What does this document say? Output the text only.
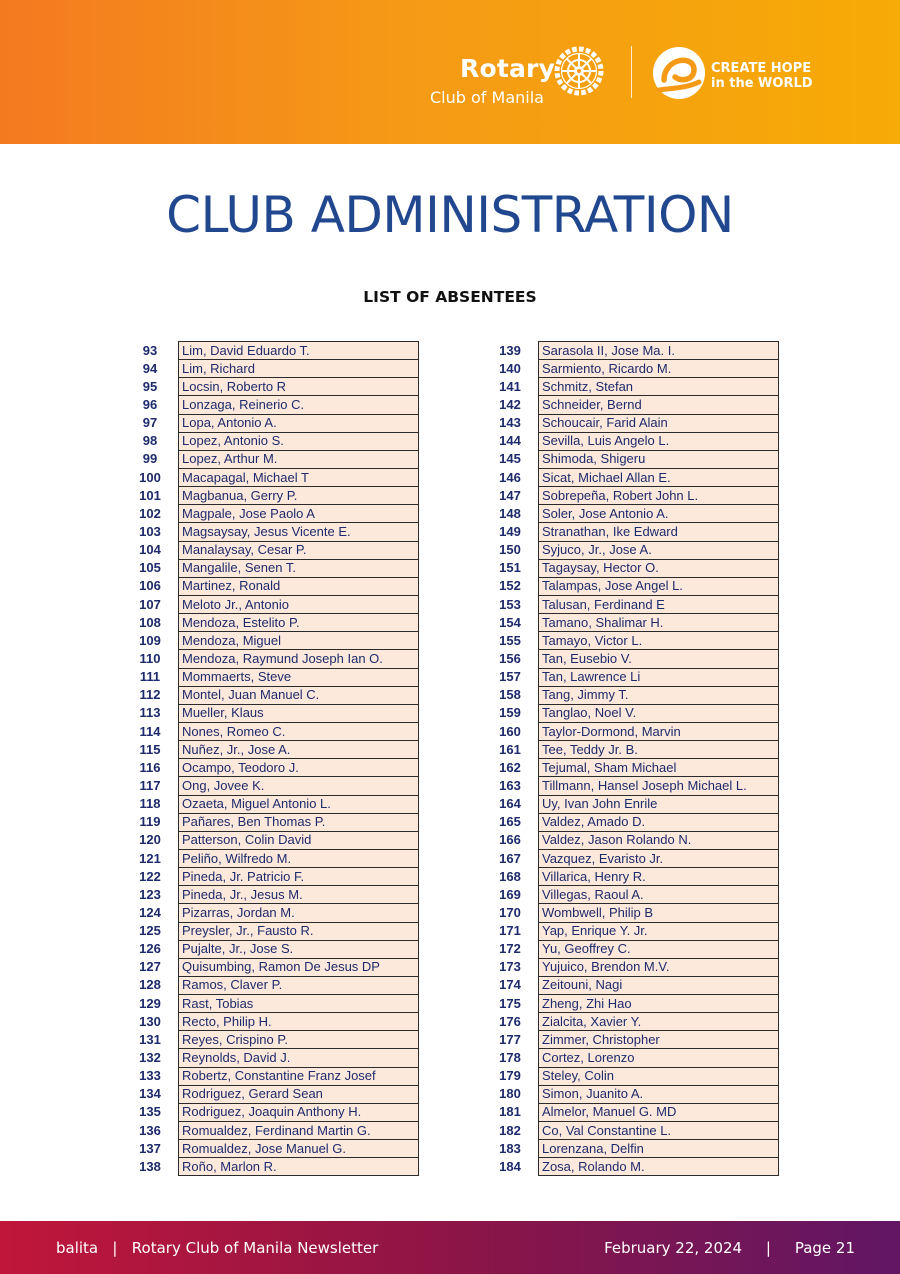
Rotary
Club of Manila
CREATE HOPE
in the WORLD
CLUB ADMINISTRATION
LIST OF ABSENTEES
93	Lim, David Eduardo T.
94	Lim, Richard
95	Locsin, Roberto R
96	Lonzaga, Reinerio C.
97	Lopa, Antonio A.
98	Lopez, Antonio S.
99	Lopez, Arthur M.
100	Macapagal, Michael T
101	Magbanua, Gerry P.
102	Magpale, Jose Paolo A
103	Magsaysay, Jesus Vicente E.
104	Manalaysay, Cesar P.
105	Mangalile, Senen T.
106	Martinez, Ronald
107	Meloto Jr., Antonio
108	Mendoza, Estelito P.
109	Mendoza, Miguel
110	Mendoza, Raymund Joseph Ian O.
111	Mommaerts, Steve
112	Montel, Juan Manuel C.
113	Mueller, Klaus
114	Nones, Romeo C.
115	Nuñez, Jr., Jose A.
116	Ocampo, Teodoro J.
117	Ong, Jovee K.
118	Ozaeta, Miguel Antonio L.
119	Pañares, Ben Thomas P.
120	Patterson, Colin David
121	Peliño, Wilfredo M.
122	Pineda, Jr. Patricio F.
123	Pineda, Jr., Jesus M.
124	Pizarras, Jordan M.
125	Preysler, Jr., Fausto R.
126	Pujalte, Jr., Jose S.
127	Quisumbing, Ramon De Jesus DP
128	Ramos, Claver P.
129	Rast, Tobias
130	Recto, Philip H.
131	Reyes, Crispino P.
132	Reynolds, David J.
133	Robertz, Constantine Franz Josef
134	Rodriguez, Gerard Sean
135	Rodriguez, Joaquin Anthony H.
136	Romualdez, Ferdinand Martin G.
137	Romualdez, Jose Manuel G.
138	Roño, Marlon R.
139	Sarasola II, Jose Ma. I.
140	Sarmiento, Ricardo M.
141	Schmitz, Stefan
142	Schneider, Bernd
143	Schoucair, Farid Alain
144	Sevilla, Luis Angelo L.
145	Shimoda, Shigeru
146	Sicat, Michael Allan E.
147	Sobrepeña, Robert John L.
148	Soler, Jose Antonio A.
149	Stranathan, Ike Edward
150	Syjuco, Jr., Jose A.
151	Tagaysay, Hector O.
152	Talampas, Jose Angel L.
153	Talusan, Ferdinand E
154	Tamano, Shalimar H.
155	Tamayo, Victor L.
156	Tan, Eusebio V.
157	Tan, Lawrence Li
158	Tang, Jimmy T.
159	Tanglao, Noel V.
160	Taylor-Dormond, Marvin
161	Tee, Teddy Jr. B.
162	Tejumal, Sham Michael
163	Tillmann, Hansel Joseph Michael L.
164	Uy, Ivan John Enrile
165	Valdez, Amado D.
166	Valdez, Jason Rolando N.
167	Vazquez, Evaristo Jr.
168	Villarica, Henry R.
169	Villegas, Raoul A.
170	Wombwell, Philip B
171	Yap, Enrique Y. Jr.
172	Yu, Geoffrey C.
173	Yujuico, Brendon M.V.
174	Zeitouni, Nagi
175	Zheng, Zhi Hao
176	Zialcita, Xavier Y.
177	Zimmer, Christopher
178	Cortez, Lorenzo
179	Steley, Colin
180	Simon, Juanito A.
181	Almelor, Manuel G. MD
182	Co, Val Constantine L.
183	Lorenzana, Delfin
184	Zosa, Rolando M.
balita   |   Rotary Club of Manila Newsletter	February 22, 2024     |     Page 21
